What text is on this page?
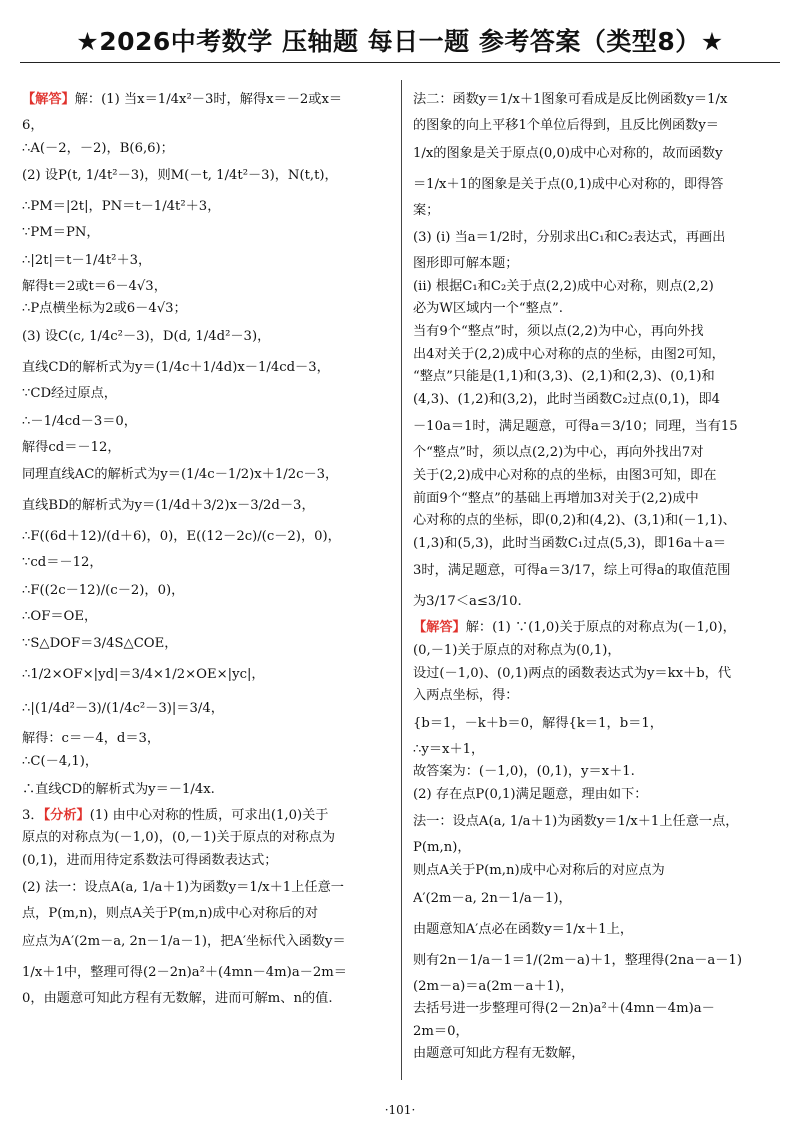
★2026中考数学 压轴题 每日一题 参考答案（类型8）★
【解答】解：(1) 当x＝1/4x²－3时，解得x＝－2或x＝
6，
∴A(－2，－2)，B(6,6)；
(2) 设P(t, 1/4t²－3)，则M(－t, 1/4t²－3)，N(t,t)，
∴PM＝|2t|，PN＝t－1/4t²＋3，
∵PM＝PN，
∴|2t|＝t－1/4t²＋3，
解得t＝2或t＝6－4√3，
∴P点横坐标为2或6－4√3；
(3) 设C(c, 1/4c²－3)，D(d, 1/4d²－3)，
直线CD的解析式为y＝(1/4c＋1/4d)x－1/4cd－3，
∵CD经过原点，
∴－1/4cd－3＝0，
解得cd＝－12，
同理直线AC的解析式为y＝(1/4c－1/2)x＋1/2c－3，
直线BD的解析式为y＝(1/4d＋3/2)x－3/2d－3，
∴F((6d＋12)/(d＋6)，0)，E((12－2c)/(c－2)，0)，
∵cd＝－12，
∴F((2c－12)/(c－2)，0)，
∴OF＝OE，
∵S△DOF＝3/4S△COE，
∴1/2×OF×|yd|＝3/4×1/2×OE×|yc|，
∴|(1/4d²－3)/(1/4c²－3)|＝3/4，
解得：c＝－4，d＝3，
∴C(－4,1)，
∴直线CD的解析式为y＝－1/4x.
3．【分析】(1) 由中心对称的性质，可求出(1,0)关于
原点的对称点为(－1,0)，(0,－1)关于原点的对称点为
(0,1)，进而用待定系数法可得函数表达式；
(2) 法一：设点A(a, 1/a＋1)为函数y＝1/x＋1上任意一
点，P(m,n)，则点A关于P(m,n)成中心对称后的对
应点为A′(2m－a, 2n－1/a－1)，把A′坐标代入函数y＝
1/x＋1中，整理可得(2－2n)a²＋(4mn－4m)a－2m＝
0，由题意可知此方程有无数解，进而可解m、n的值.
法二：函数y＝1/x＋1图象可看成是反比例函数y＝1/x
的图象的向上平移1个单位后得到，且反比例函数y＝
1/x的图象是关于原点(0,0)成中心对称的，故而函数y
＝1/x＋1的图象是关于点(0,1)成中心对称的，即得答
案；
(3) (i) 当a＝1/2时，分别求出C₁和C₂表达式，再画出
图形即可解本题；
(ii) 根据C₁和C₂关于点(2,2)成中心对称，则点(2,2)
必为W区域内一个“整点”.
当有9个“整点”时，须以点(2,2)为中心，再向外找
出4对关于(2,2)成中心对称的点的坐标，由图2可知，
“整点”只能是(1,1)和(3,3)、(2,1)和(2,3)、(0,1)和
(4,3)、(1,2)和(3,2)，此时当函数C₂过点(0,1)，即4
－10a＝1时，满足题意，可得a＝3/10；同理，当有15
个“整点”时，须以点(2,2)为中心，再向外找出7对
关于(2,2)成中心对称的点的坐标，由图3可知，即在
前面9个“整点”的基础上再增加3对关于(2,2)成中
心对称的点的坐标，即(0,2)和(4,2)、(3,1)和(－1,1)、
(1,3)和(5,3)，此时当函数C₁过点(5,3)，即16a＋a＝
3时，满足题意，可得a＝3/17，综上可得a的取值范围
为3/17＜a≤3/10.
【解答】解：(1) ∵(1,0)关于原点的对称点为(－1,0)，
(0,－1)关于原点的对称点为(0,1)，
设过(－1,0)、(0,1)两点的函数表达式为y＝kx＋b，代
入两点坐标，得：
{b＝1，－k＋b＝0，解得{k＝1，b＝1，
∴y＝x＋1，
故答案为：(－1,0)，(0,1)，y＝x＋1.
(2) 存在点P(0,1)满足题意，理由如下：
法一：设点A(a, 1/a＋1)为函数y＝1/x＋1上任意一点，
P(m,n)，
则点A关于P(m,n)成中心对称后的对应点为
A′(2m－a, 2n－1/a－1)，
由题意知A′点必在函数y＝1/x＋1上，
则有2n－1/a－1＝1/(2m－a)＋1，整理得(2na－a－1)
(2m－a)＝a(2m－a＋1)，
去括号进一步整理可得(2－2n)a²＋(4mn－4m)a－
2m＝0，
由题意可知此方程有无数解，
·101·
